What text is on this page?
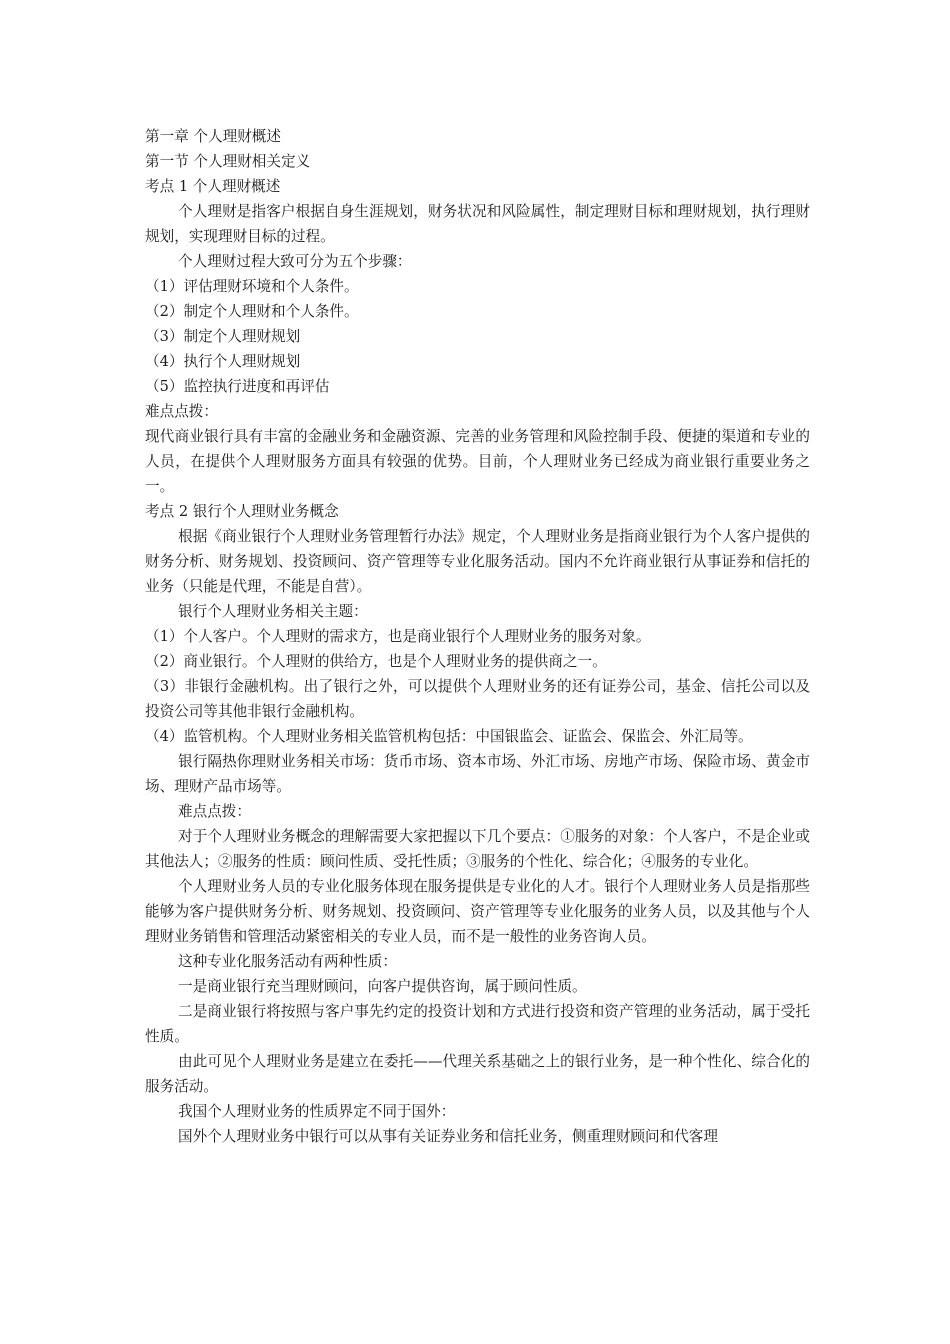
第一章 个人理财概述

第一节 个人理财相关定义

考点 1 个人理财概述

个人理财是指客户根据自身生涯规划，财务状况和风险属性，制定理财目标和理财规划，执行理财规划，实现理财目标的过程。

个人理财过程大致可分为五个步骤：

（1）评估理财环境和个人条件。

（2）制定个人理财和个人条件。

（3）制定个人理财规划

（4）执行个人理财规划

（5）监控执行进度和再评估

难点点拨：

现代商业银行具有丰富的金融业务和金融资源、完善的业务管理和风险控制手段、便捷的渠道和专业的人员，在提供个人理财服务方面具有较强的优势。目前，个人理财业务已经成为商业银行重要业务之一。

考点 2 银行个人理财业务概念

根据《商业银行个人理财业务管理暂行办法》规定，个人理财业务是指商业银行为个人客户提供的财务分析、财务规划、投资顾问、资产管理等专业化服务活动。国内不允许商业银行从事证券和信托的业务（只能是代理，不能是自营）。

银行个人理财业务相关主题：

（1）个人客户。个人理财的需求方，也是商业银行个人理财业务的服务对象。

（2）商业银行。个人理财的供给方，也是个人理财业务的提供商之一。

（3）非银行金融机构。出了银行之外，可以提供个人理财业务的还有证券公司，基金、信托公司以及投资公司等其他非银行金融机构。

（4）监管机构。个人理财业务相关监管机构包括：中国银监会、证监会、保监会、外汇局等。

银行隔热你理财业务相关市场：货币市场、资本市场、外汇市场、房地产市场、保险市场、黄金市场、理财产品市场等。

难点点拨：

对于个人理财业务概念的理解需要大家把握以下几个要点：①服务的对象：个人客户，不是企业或其他法人；②服务的性质：顾问性质、受托性质；③服务的个性化、综合化；④服务的专业化。

个人理财业务人员的专业化服务体现在服务提供是专业化的人才。银行个人理财业务人员是指那些能够为客户提供财务分析、财务规划、投资顾问、资产管理等专业化服务的业务人员，以及其他与个人理财业务销售和管理活动紧密相关的专业人员，而不是一般性的业务咨询人员。

这种专业化服务活动有两种性质：

一是商业银行充当理财顾问，向客户提供咨询，属于顾问性质。

二是商业银行将按照与客户事先约定的投资计划和方式进行投资和资产管理的业务活动，属于受托性质。

由此可见个人理财业务是建立在委托——代理关系基础之上的银行业务，是一种个性化、综合化的服务活动。

我国个人理财业务的性质界定不同于国外：

国外个人理财业务中银行可以从事有关证券业务和信托业务，侧重理财顾问和代客理
